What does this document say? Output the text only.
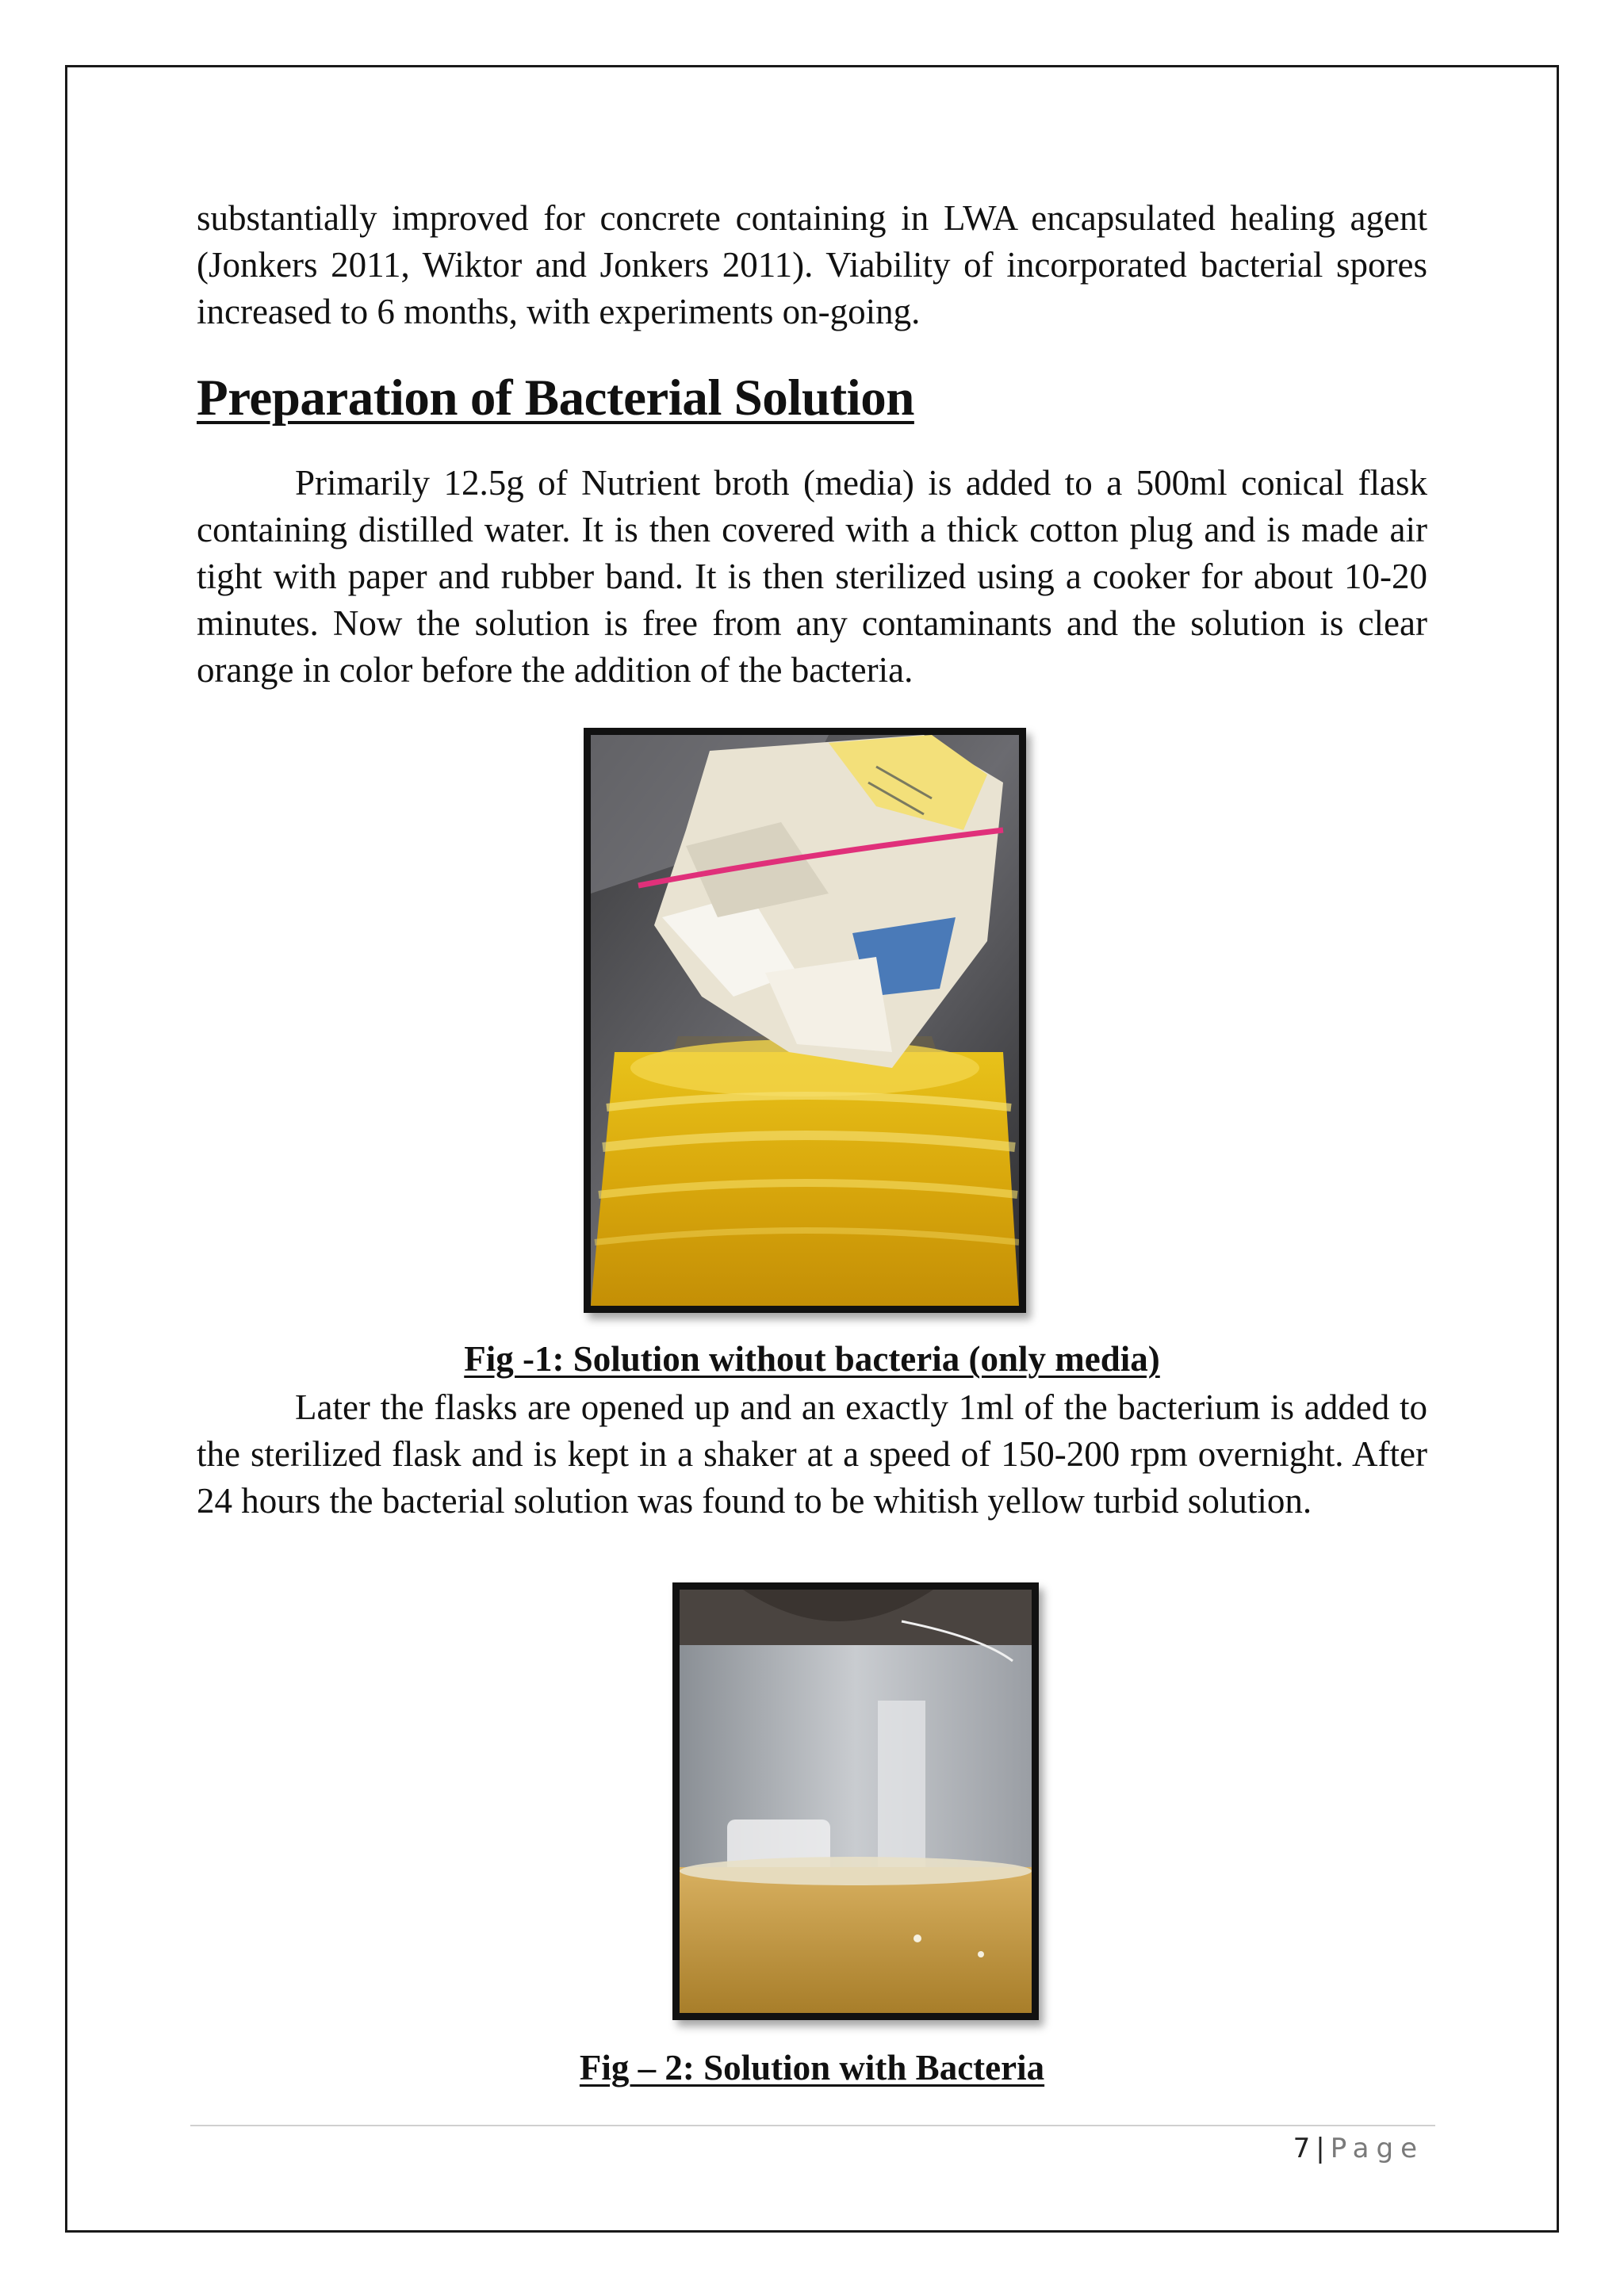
substantially improved for concrete containing in LWA encapsulated healing agent (Jonkers 2011, Wiktor and Jonkers 2011). Viability of incorporated bacterial spores increased to 6 months, with experiments on-going.

Preparation of Bacterial Solution

Primarily 12.5g of Nutrient broth (media) is added to a 500ml conical flask containing distilled water. It is then covered with a thick cotton plug and is made air tight with paper and rubber band. It is then sterilized using a cooker for about 10-20 minutes. Now the solution is free from any contaminants and the solution is clear orange in color before the addition of the bacteria.

Fig -1: Solution without bacteria (only media)

Later the flasks are opened up and an exactly 1ml of the bacterium is added to the sterilized flask and is kept in a shaker at a speed of 150-200 rpm overnight. After 24 hours the bacterial solution was found to be whitish yellow turbid solution.

Fig – 2: Solution with Bacteria

7 | Page
